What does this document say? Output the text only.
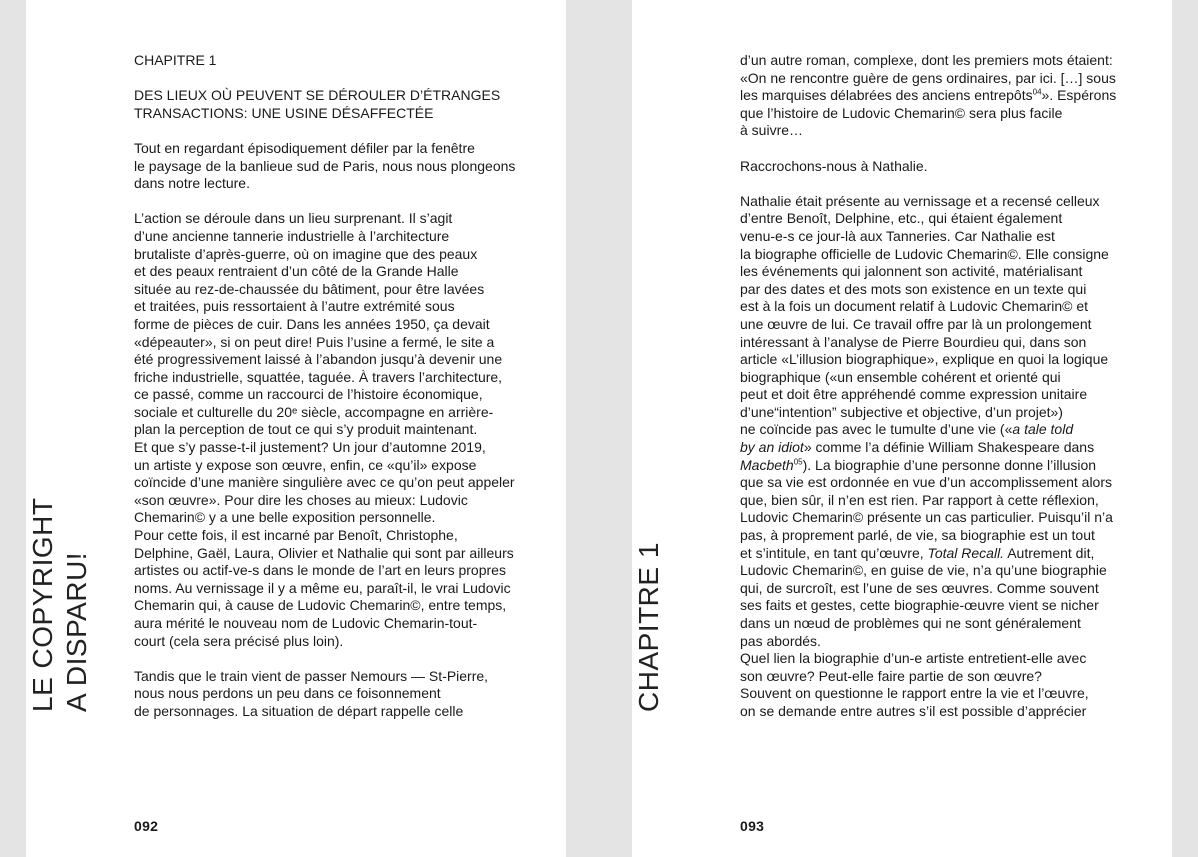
LE COPYRIGHT A DISPARU!
CHAPITRE 1
DES LIEUX OÙ PEUVENT SE DÉROULER D’ÉTRANGES
TRANSACTIONS: UNE USINE DÉSAFFECTÉE
Tout en regardant épisodiquement défiler par la fenêtre
le paysage de la banlieue sud de Paris, nous nous plongeons
dans notre lecture.
L’action se déroule dans un lieu surprenant. Il s’agit
d’une ancienne tannerie industrielle à l’architecture
brutaliste d’après-guerre, où on imagine que des peaux
et des peaux rentraient d’un côté de la Grande Halle
située au rez-de-chaussée du bâtiment, pour être lavées
et traitées, puis ressortaient à l’autre extrémité sous
forme de pièces de cuir. Dans les années 1950, ça devait
«dépeauter», si on peut dire! Puis l’usine a fermé, le site a
été progressivement laissé à l’abandon jusqu’à devenir une
friche industrielle, squattée, taguée. À travers l’architecture,
ce passé, comme un raccourci de l’histoire économique,
sociale et culturelle du 20ᵉ siècle, accompagne en arrière-
plan la perception de tout ce qui s’y produit maintenant.
Et que s’y passe-t-il justement? Un jour d’automne 2019,
un artiste y expose son œuvre, enfin, ce «qu’il» expose
coïncide d’une manière singulière avec ce qu’on peut appeler
«son œuvre». Pour dire les choses au mieux: Ludovic
Chemarin© y a une belle exposition personnelle.
Pour cette fois, il est incarné par Benoît, Christophe,
Delphine, Gaël, Laura, Olivier et Nathalie qui sont par ailleurs
artistes ou actif-ve-s dans le monde de l’art en leurs propres
noms. Au vernissage il y a même eu, paraît-il, le vrai Ludovic
Chemarin qui, à cause de Ludovic Chemarin©, entre temps,
aura mérité le nouveau nom de Ludovic Chemarin-tout-
court (cela sera précisé plus loin).
Tandis que le train vient de passer Nemours — St-Pierre,
nous nous perdons un peu dans ce foisonnement
de personnages. La situation de départ rappelle celle
092
CHAPITRE 1
d’un autre roman, complexe, dont les premiers mots étaient:
«On ne rencontre guère de gens ordinaires, par ici. […] sous
les marquises délabrées des anciens entrepôts$^{04}$». Espérons
que l’histoire de Ludovic Chemarin© sera plus facile
à suivre…
Raccrochons-nous à Nathalie.
Nathalie était présente au vernissage et a recensé celleux
d’entre Benoît, Delphine, etc., qui étaient également
venu-e-s ce jour-là aux Tanneries. Car Nathalie est
la biographe officielle de Ludovic Chemarin©. Elle consigne
les événements qui jalonnent son activité, matérialisant
par des dates et des mots son existence en un texte qui
est à la fois un document relatif à Ludovic Chemarin© et
une œuvre de lui. Ce travail offre par là un prolongement
intéressant à l’analyse de Pierre Bourdieu qui, dans son
article «L’illusion biographique», explique en quoi la logique
biographique («un ensemble cohérent et orienté qui
peut et doit être appréhendé comme expression unitaire
d’une“intention” subjective et objective, d’un projet»)
ne coïncide pas avec le tumulte d’une vie («a tale told
by an idiot» comme l’a définie William Shakespeare dans
Macbeth$^{05}$). La biographie d’une personne donne l’illusion
que sa vie est ordonnée en vue d’un accomplissement alors
que, bien sûr, il n’en est rien. Par rapport à cette réflexion,
Ludovic Chemarin© présente un cas particulier. Puisqu’il n’a
pas, à proprement parlé, de vie, sa biographie est un tout
et s’intitule, en tant qu’œuvre, Total Recall. Autrement dit,
Ludovic Chemarin©, en guise de vie, n’a qu’une biographie
qui, de surcroît, est l’une de ses œuvres. Comme souvent
ses faits et gestes, cette biographie-œuvre vient se nicher
dans un nœud de problèmes qui ne sont généralement
pas abordés.
Quel lien la biographie d’un-e artiste entretient-elle avec
son œuvre? Peut-elle faire partie de son œuvre?
Souvent on questionne le rapport entre la vie et l’œuvre,
on se demande entre autres s’il est possible d’apprécier
093
